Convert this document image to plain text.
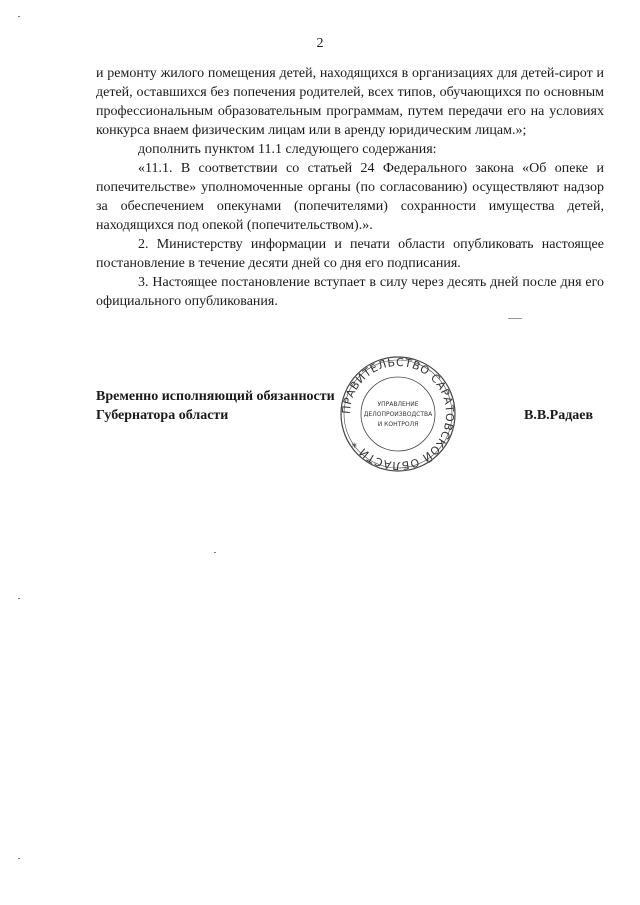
2

и ремонту жилого помещения детей, находящихся в организациях для детей-сирот и детей, оставшихся без попечения родителей, всех типов, обучающихся по основным профессиональным образовательным программам, путем передачи его на условиях конкурса внаем физическим лицам или в аренду юридическим лицам.»;

дополнить пунктом 11.1 следующего содержания:

«11.1. В соответствии со статьей 24 Федерального закона «Об опеке и попечительстве» уполномоченные органы (по согласованию) осуществляют надзор за обеспечением опекунами (попечителями) сохранности имущества детей, находящихся под опекой (попечительством).».

2. Министерству информации и печати области опубликовать настоящее постановление в течение десяти дней со дня его подписания.

3. Настоящее постановление вступает в силу через десять дней после дня его официального опубликования.

ПРАВИТЕЛЬСТВО САРАТОВСКОЙ ОБЛАСТИ *
УПРАВЛЕНИЕ
ДЕЛОПРОИЗВОДСТВА
И КОНТРОЛЯ
Временно исполняющий обязанности
Губернатора области	В.В.Радаев
